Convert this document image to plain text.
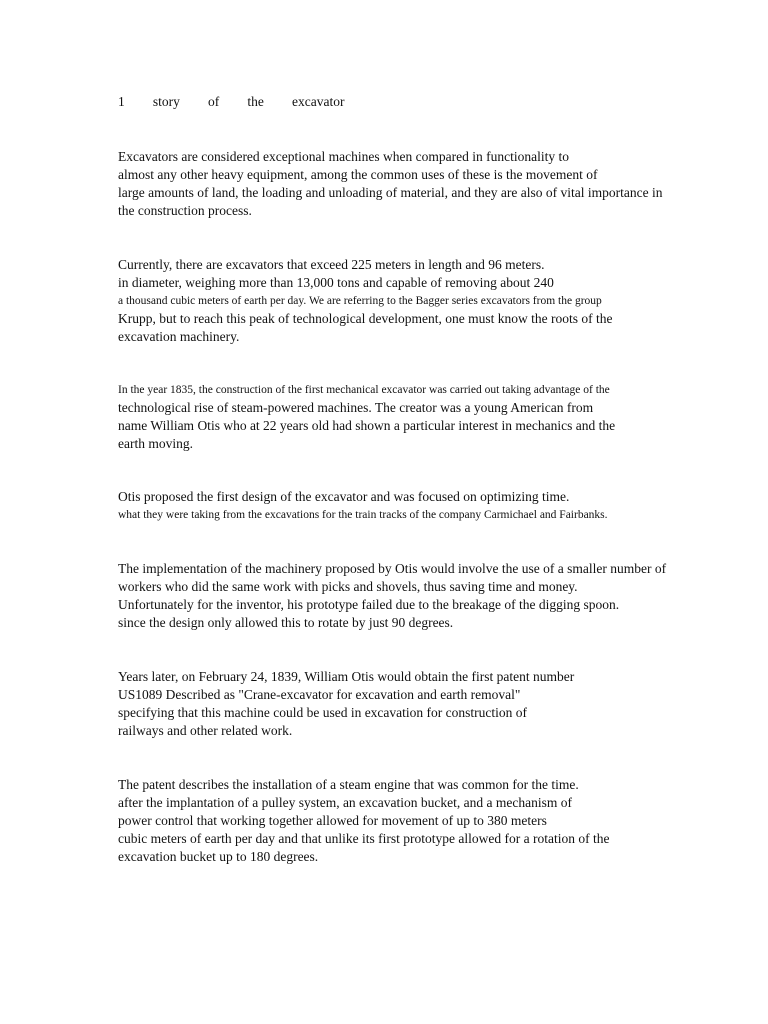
1   story   of   the   excavator
Excavators are considered exceptional machines when compared in functionality to
almost any other heavy equipment, among the common uses of these is the movement of
large amounts of land, the loading and unloading of material, and they are also of vital importance in
the construction process.
Currently, there are excavators that exceed 225 meters in length and 96 meters.
in diameter, weighing more than 13,000 tons and capable of removing about 240
a thousand cubic meters of earth per day. We are referring to the Bagger series excavators from the group
Krupp, but to reach this peak of technological development, one must know the roots of the
excavation machinery.
In the year 1835, the construction of the first mechanical excavator was carried out taking advantage of the
technological rise of steam-powered machines. The creator was a young American from
name William Otis who at 22 years old had shown a particular interest in mechanics and the
earth moving.
Otis proposed the first design of the excavator and was focused on optimizing time.
what they were taking from the excavations for the train tracks of the company Carmichael and Fairbanks.
The implementation of the machinery proposed by Otis would involve the use of a smaller number of
workers who did the same work with picks and shovels, thus saving time and money.
Unfortunately for the inventor, his prototype failed due to the breakage of the digging spoon.
since the design only allowed this to rotate by just 90 degrees.
Years later, on February 24, 1839, William Otis would obtain the first patent number
US1089 Described as "Crane-excavator for excavation and earth removal"
specifying that this machine could be used in excavation for construction of
railways and other related work.
The patent describes the installation of a steam engine that was common for the time.
after the implantation of a pulley system, an excavation bucket, and a mechanism of
power control that working together allowed for movement of up to 380 meters
cubic meters of earth per day and that unlike its first prototype allowed for a rotation of the
excavation bucket up to 180 degrees.
